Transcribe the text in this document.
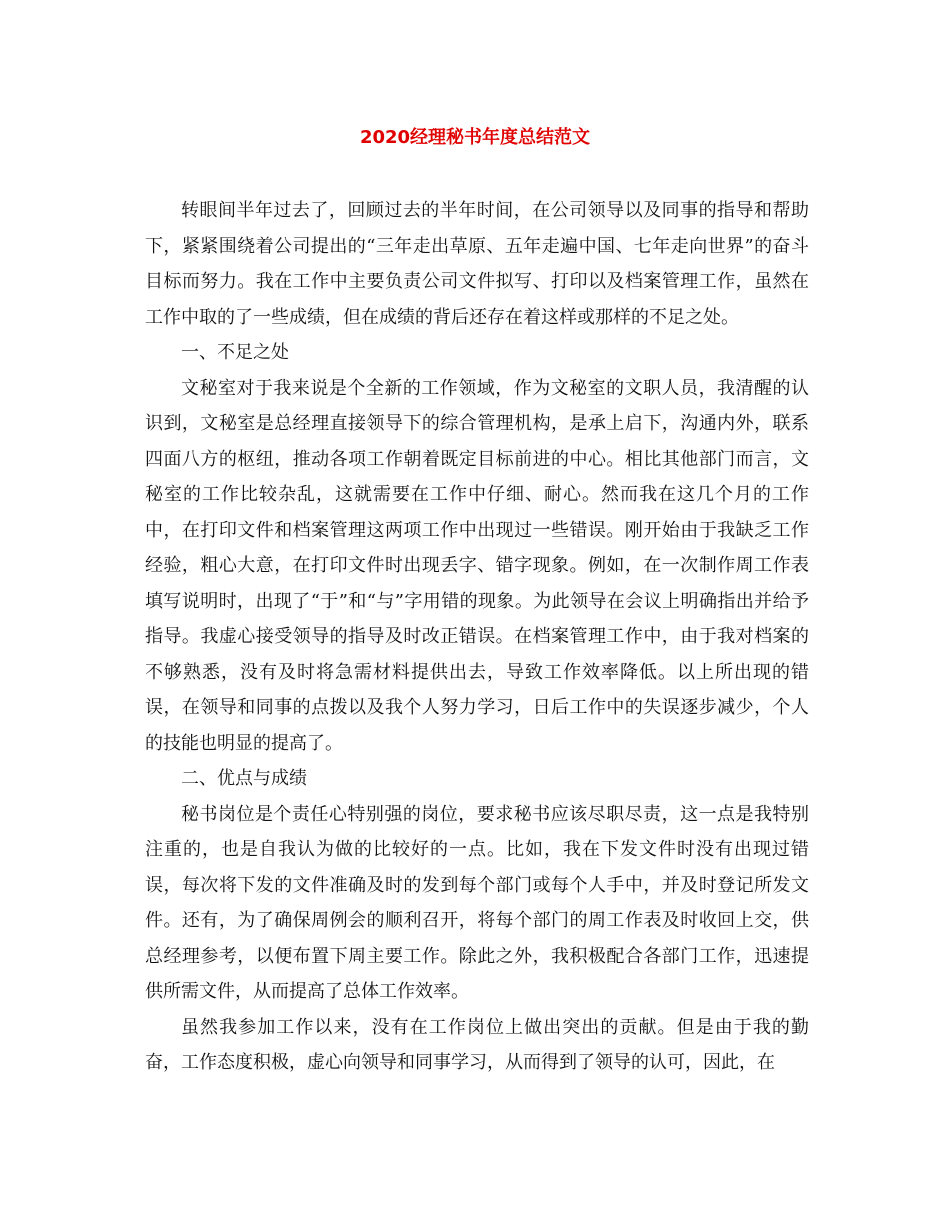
2020经理秘书年度总结范文

转眼间半年过去了，回顾过去的半年时间，在公司领导以及同事的指导和帮助下，紧紧围绕着公司提出的“三年走出草原、五年走遍中国、七年走向世界”的奋斗目标而努力。我在工作中主要负责公司文件拟写、打印以及档案管理工作，虽然在工作中取的了一些成绩，但在成绩的背后还存在着这样或那样的不足之处。

一、不足之处

文秘室对于我来说是个全新的工作领域，作为文秘室的文职人员，我清醒的认识到，文秘室是总经理直接领导下的综合管理机构，是承上启下，沟通内外，联系四面八方的枢纽，推动各项工作朝着既定目标前进的中心。相比其他部门而言，文秘室的工作比较杂乱，这就需要在工作中仔细、耐心。然而我在这几个月的工作中，在打印文件和档案管理这两项工作中出现过一些错误。刚开始由于我缺乏工作经验，粗心大意，在打印文件时出现丢字、错字现象。例如，在一次制作周工作表填写说明时，出现了“于”和“与”字用错的现象。为此领导在会议上明确指出并给予指导。我虚心接受领导的指导及时改正错误。在档案管理工作中，由于我对档案的不够熟悉，没有及时将急需材料提供出去，导致工作效率降低。以上所出现的错误，在领导和同事的点拨以及我个人努力学习，日后工作中的失误逐步减少，个人的技能也明显的提高了。

二、优点与成绩

秘书岗位是个责任心特别强的岗位，要求秘书应该尽职尽责，这一点是我特别注重的，也是自我认为做的比较好的一点。比如，我在下发文件时没有出现过错误，每次将下发的文件准确及时的发到每个部门或每个人手中，并及时登记所发文件。还有，为了确保周例会的顺利召开，将每个部门的周工作表及时收回上交，供总经理参考，以便布置下周主要工作。除此之外，我积极配合各部门工作，迅速提供所需文件，从而提高了总体工作效率。

虽然我参加工作以来，没有在工作岗位上做出突出的贡献。但是由于我的勤奋，工作态度积极，虚心向领导和同事学习，从而得到了领导的认可，因此，在
